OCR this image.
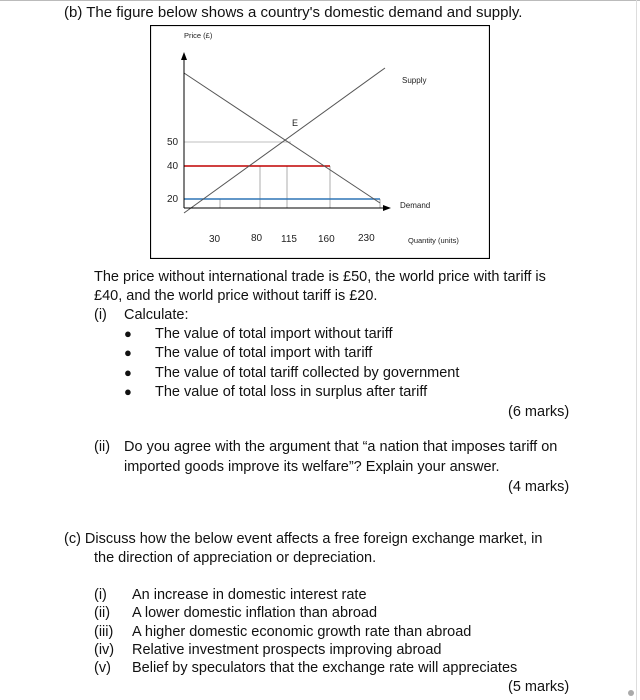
(b) The figure below shows a country's domestic demand and supply.
Price (£)
50
40
20
30	80 115 160 230
E
Supply
Demand
Quantity (units)
The price without international trade is £50, the world price with tariff is
£40, and the world price without tariff is £20.
(i) Calculate:
● The value of total import without tariff
● The value of total import with tariff
● The value of total tariff collected by government
● The value of total loss in surplus after tariff
(6 marks)
(ii) Do you agree with the argument that “a nation that imposes tariff on
imported goods improve its welfare”? Explain your answer.
(4 marks)
(c) Discuss how the below event affects a free foreign exchange market, in
the direction of appreciation or depreciation.
(i) An increase in domestic interest rate
(ii) A lower domestic inflation than abroad
(iii) A higher domestic economic growth rate than abroad
(iv) Relative investment prospects improving abroad
(v) Belief by speculators that the exchange rate will appreciates
(5 marks)
